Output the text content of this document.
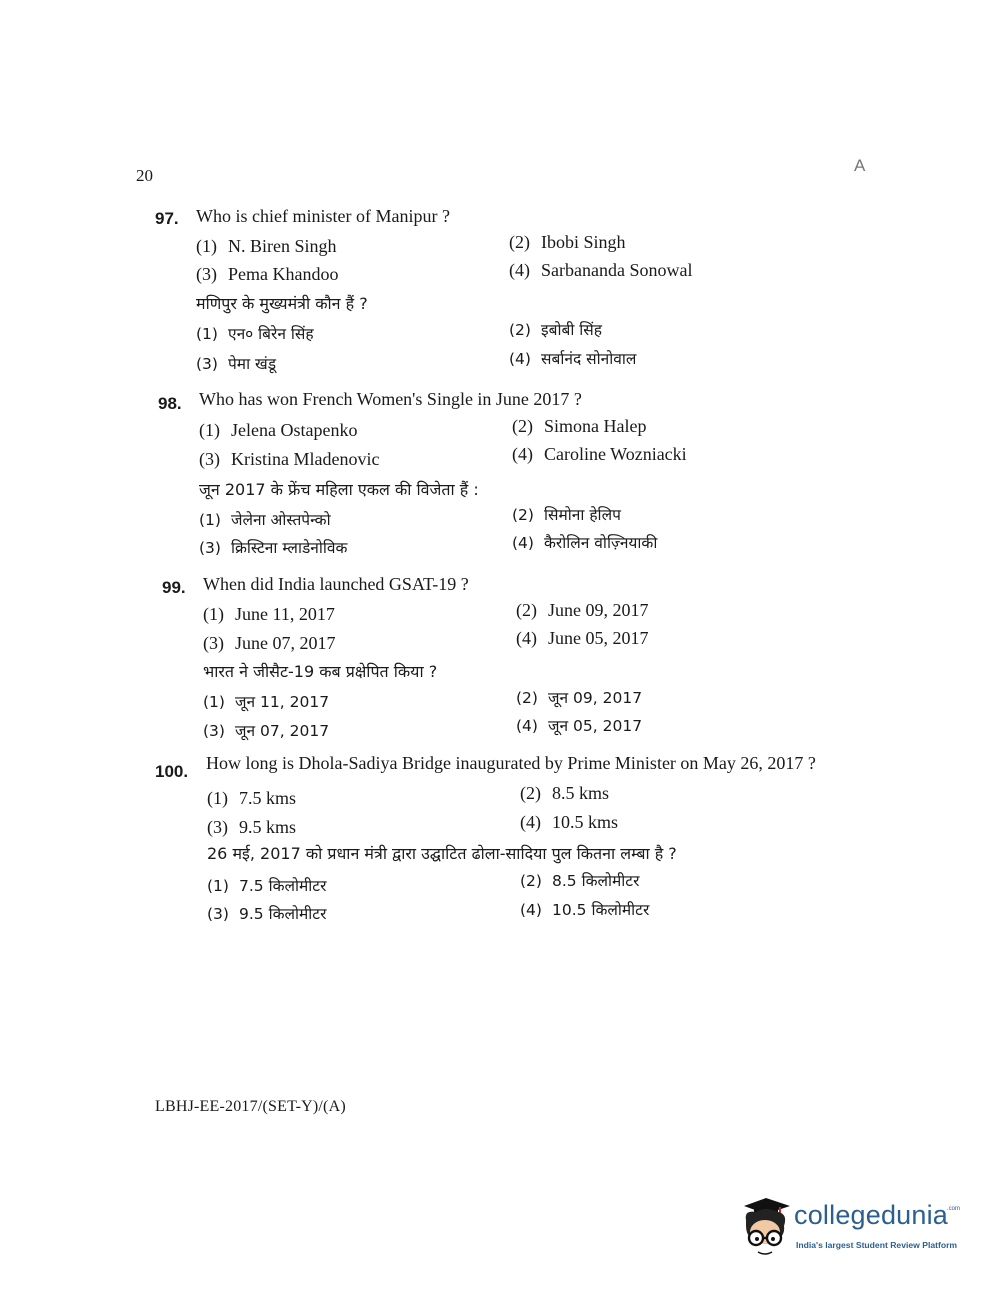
20
A
97. Who is chief minister of Manipur ?
(1) N. Biren Singh	(2) Ibobi Singh
(3) Pema Khandoo	(4) Sarbananda Sonowal
मणिपुर के मुख्यमंत्री कौन हैं ?
(1) एन० बिरेन सिंह	(2) इबोबी सिंह
(3) पेमा खंडू	(4) सर्बानंद सोनोवाल
98. Who has won French Women's Single in June 2017 ?
(1) Jelena Ostapenko	(2) Simona Halep
(3) Kristina Mladenovic	(4) Caroline Wozniacki
जून 2017 के फ्रेंच महिला एकल की विजेता हैं :
(1) जेलेना ओस्तपेन्को	(2) सिमोना हेलिप
(3) क्रिस्टिना म्लाडेनोविक	(4) कैरोलिन वोज़्नियाकी
99. When did India launched GSAT-19 ?
(1) June 11, 2017	(2) June 09, 2017
(3) June 07, 2017	(4) June 05, 2017
भारत ने जीसैट-19 कब प्रक्षेपित किया ?
(1) जून 11, 2017	(2) जून 09, 2017
(3) जून 07, 2017	(4) जून 05, 2017
100. How long is Dhola-Sadiya Bridge inaugurated by Prime Minister on May 26, 2017 ?
(1) 7.5 kms	(2) 8.5 kms
(3) 9.5 kms	(4) 10.5 kms
26 मई, 2017 को प्रधान मंत्री द्वारा उद्घाटित ढोला-सादिया पुल कितना लम्बा है ?
(1) 7.5 किलोमीटर	(2) 8.5 किलोमीटर
(3) 9.5 किलोमीटर	(4) 10.5 किलोमीटर
LBHJ-EE-2017/(SET-Y)/(A)
collegedunia
.com
India's largest Student Review Platform
